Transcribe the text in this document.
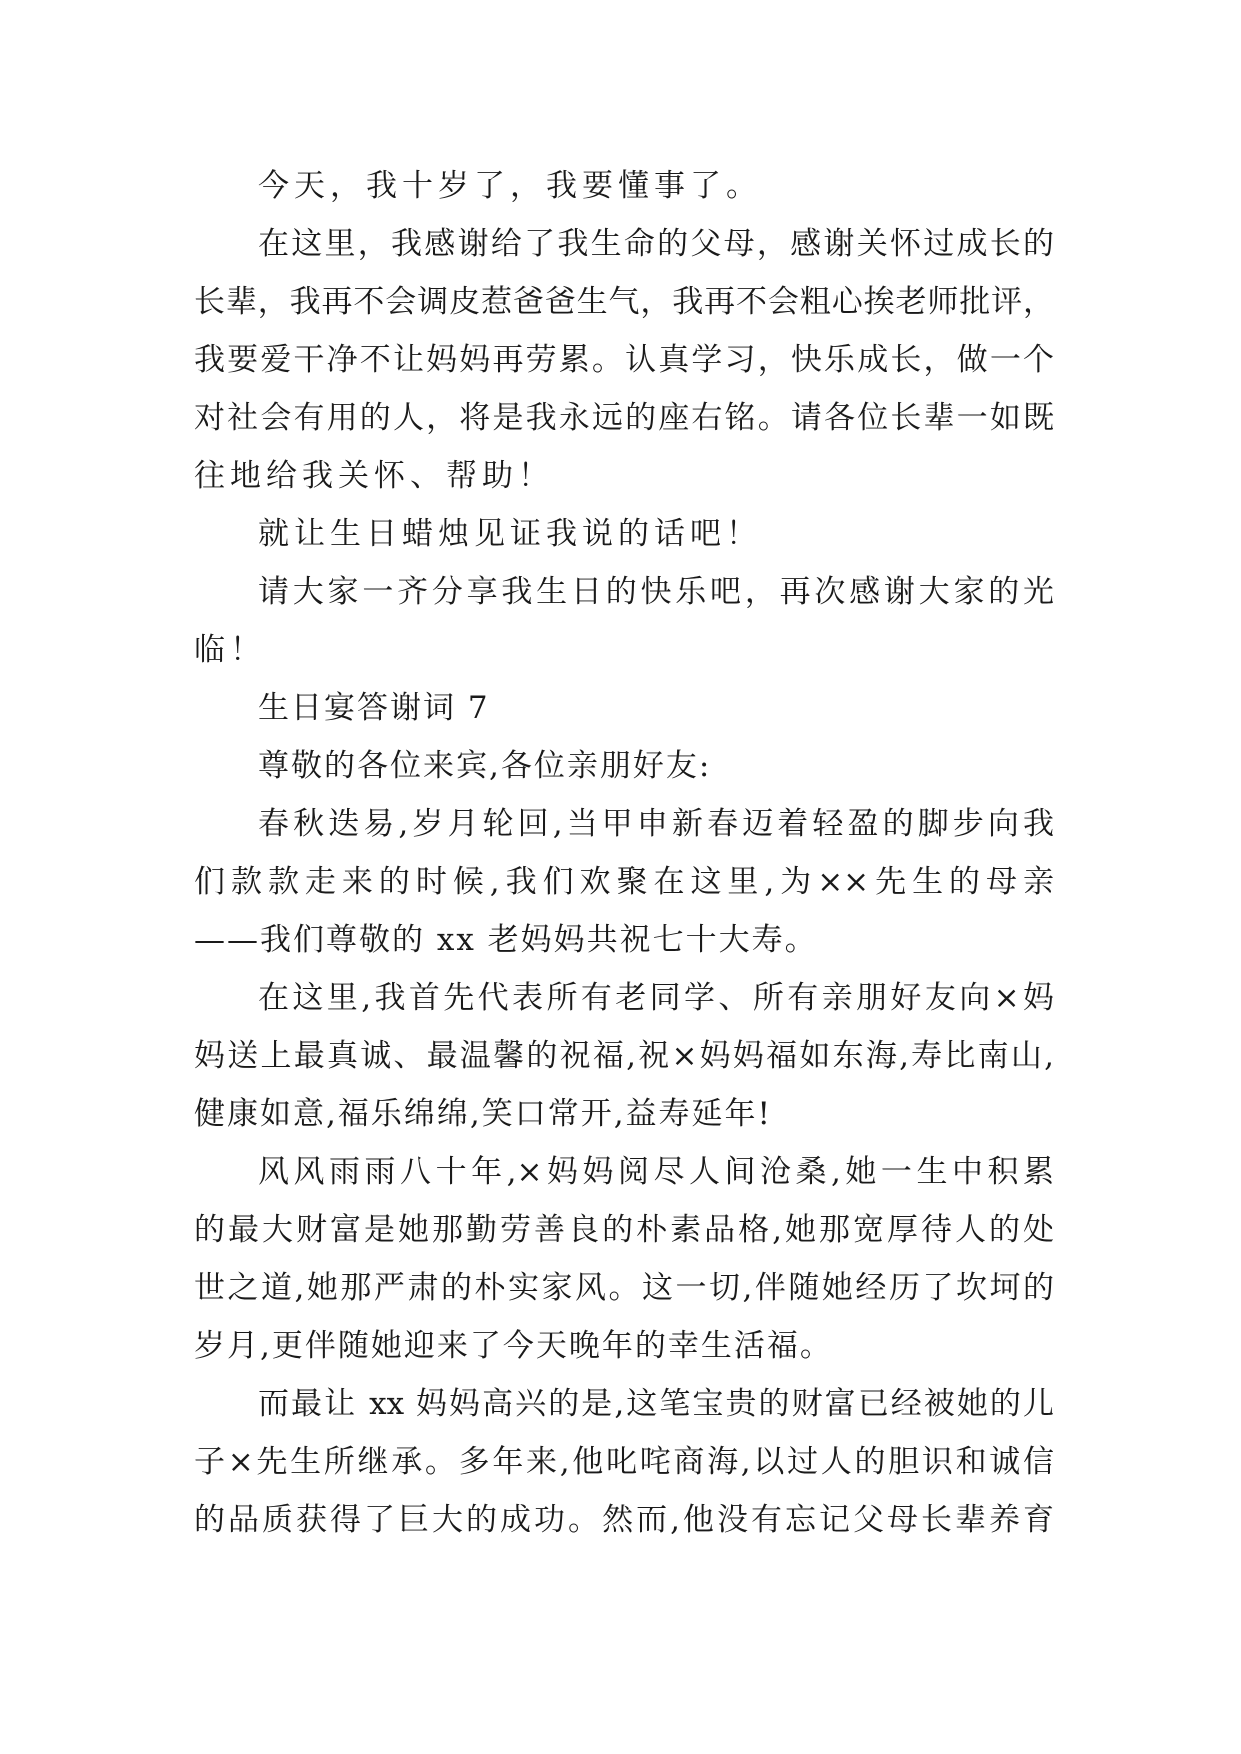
今天，我十岁了，我要懂事了。
在这里，我感谢给了我生命的父母，感谢关怀过成长的
长辈，我再不会调皮惹爸爸生气，我再不会粗心挨老师批评，
我要爱干净不让妈妈再劳累。认真学习，快乐成长，做一个
对社会有用的人，将是我永远的座右铭。请各位长辈一如既
往地给我关怀、帮助！
就让生日蜡烛见证我说的话吧！
请大家一齐分享我生日的快乐吧，再次感谢大家的光
临！
生日宴答谢词 7
尊敬的各位来宾,各位亲朋好友:
春秋迭易,岁月轮回,当甲申新春迈着轻盈的脚步向我
们款款走来的时候,我们欢聚在这里,为××先生的母亲
——我们尊敬的 xx 老妈妈共祝七十大寿。
在这里,我首先代表所有老同学、所有亲朋好友向×妈
妈送上最真诚、最温馨的祝福,祝×妈妈福如东海,寿比南山,
健康如意,福乐绵绵,笑口常开,益寿延年!
风风雨雨八十年,×妈妈阅尽人间沧桑,她一生中积累
的最大财富是她那勤劳善良的朴素品格,她那宽厚待人的处
世之道,她那严肃的朴实家风。这一切,伴随她经历了坎坷的
岁月,更伴随她迎来了今天晚年的幸生活福。
而最让 xx 妈妈高兴的是,这笔宝贵的财富已经被她的儿
子×先生所继承。多年来,他叱咤商海,以过人的胆识和诚信
的品质获得了巨大的成功。然而,他没有忘记父母长辈养育
